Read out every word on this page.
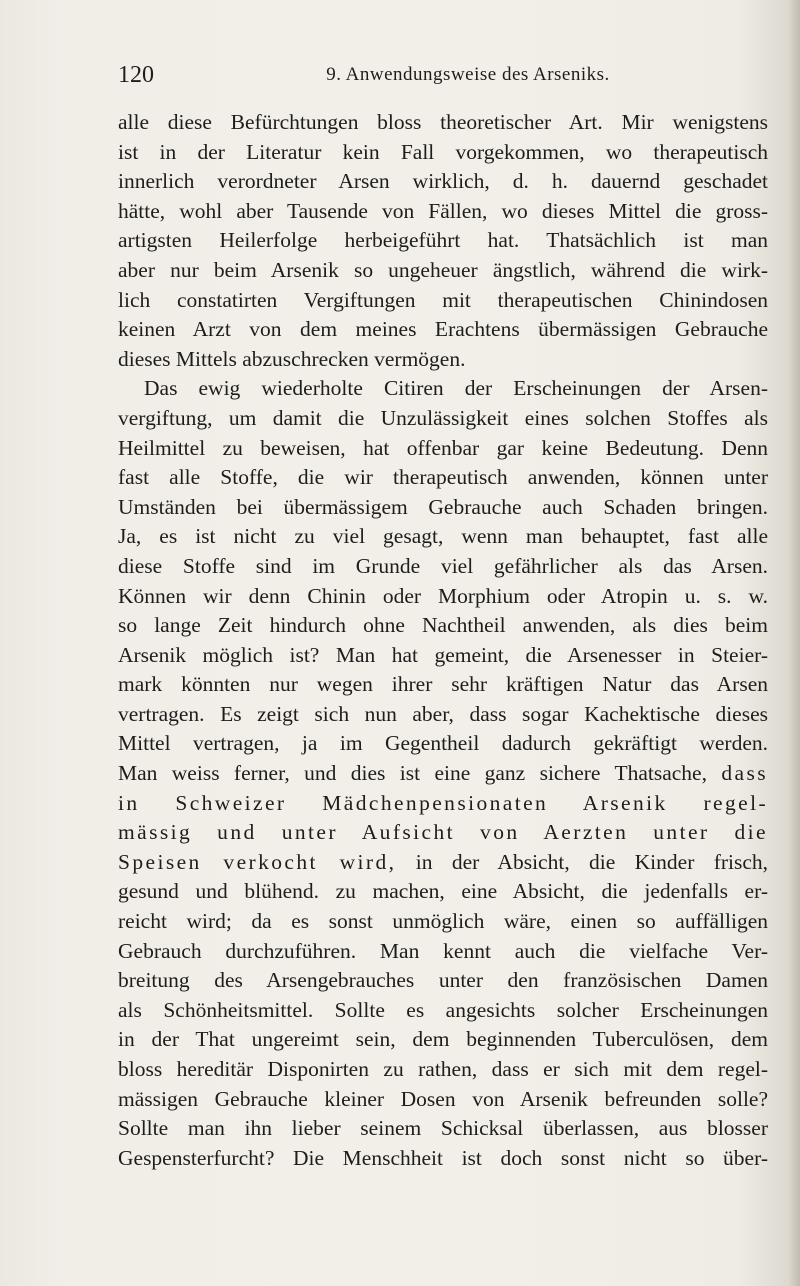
120	9. Anwendungsweise des Arseniks.
alle diese Befürchtungen bloss theoretischer Art. Mir wenigstens
ist in der Literatur kein Fall vorgekommen, wo therapeutisch
innerlich verordneter Arsen wirklich, d. h. dauernd geschadet
hätte, wohl aber Tausende von Fällen, wo dieses Mittel die gross-
artigsten Heilerfolge herbeigeführt hat. Thatsächlich ist man
aber nur beim Arsenik so ungeheuer ängstlich, während die wirk-
lich constatirten Vergiftungen mit therapeutischen Chinindosen
keinen Arzt von dem meines Erachtens übermässigen Gebrauche
dieses Mittels abzuschrecken vermögen.
Das ewig wiederholte Citiren der Erscheinungen der Arsen-
vergiftung, um damit die Unzulässigkeit eines solchen Stoffes als
Heilmittel zu beweisen, hat offenbar gar keine Bedeutung. Denn
fast alle Stoffe, die wir therapeutisch anwenden, können unter
Umständen bei übermässigem Gebrauche auch Schaden bringen.
Ja, es ist nicht zu viel gesagt, wenn man behauptet, fast alle
diese Stoffe sind im Grunde viel gefährlicher als das Arsen.
Können wir denn Chinin oder Morphium oder Atropin u. s. w.
so lange Zeit hindurch ohne Nachtheil anwenden, als dies beim
Arsenik möglich ist? Man hat gemeint, die Arsenesser in Steier-
mark könnten nur wegen ihrer sehr kräftigen Natur das Arsen
vertragen. Es zeigt sich nun aber, dass sogar Kachektische dieses
Mittel vertragen, ja im Gegentheil dadurch gekräftigt werden.
Man weiss ferner, und dies ist eine ganz sichere Thatsache, dass
in Schweizer Mädchenpensionaten Arsenik regel-
mässig und unter Aufsicht von Aerzten unter die
Speisen verkocht wird, in der Absicht, die Kinder frisch,
gesund und blühend. zu machen, eine Absicht, die jedenfalls er-
reicht wird; da es sonst unmöglich wäre, einen so auffälligen
Gebrauch durchzuführen. Man kennt auch die vielfache Ver-
breitung des Arsengebrauches unter den französischen Damen
als Schönheitsmittel. Sollte es angesichts solcher Erscheinungen
in der That ungereimt sein, dem beginnenden Tuberculösen, dem
bloss hereditär Disponirten zu rathen, dass er sich mit dem regel-
mässigen Gebrauche kleiner Dosen von Arsenik befreunden solle?
Sollte man ihn lieber seinem Schicksal überlassen, aus blosser
Gespensterfurcht? Die Menschheit ist doch sonst nicht so über-
